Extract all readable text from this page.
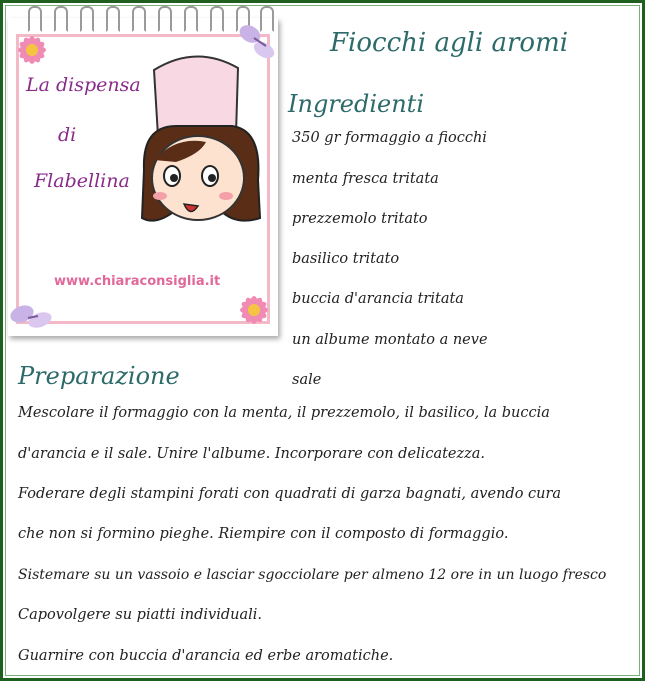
La dispensa
di
Flabellina
www.chiaraconsiglia.it
Fiocchi agli aromi
Ingredienti
350 gr formaggio a fiocchi
menta fresca tritata
prezzemolo tritato
basilico tritato
buccia d'arancia tritata
un albume montato a neve
sale
Preparazione
Mescolare il formaggio con la menta, il prezzemolo, il basilico, la buccia
d'arancia e il sale. Unire l'albume. Incorporare con delicatezza.
Foderare degli stampini forati con quadrati di garza bagnati, avendo cura
che non si formino pieghe. Riempire con il composto di formaggio.
Sistemare su un vassoio e lasciar sgocciolare per almeno 12 ore in un luogo fresco
Capovolgere su piatti individuali.
Guarnire con buccia d'arancia ed erbe aromatiche.
